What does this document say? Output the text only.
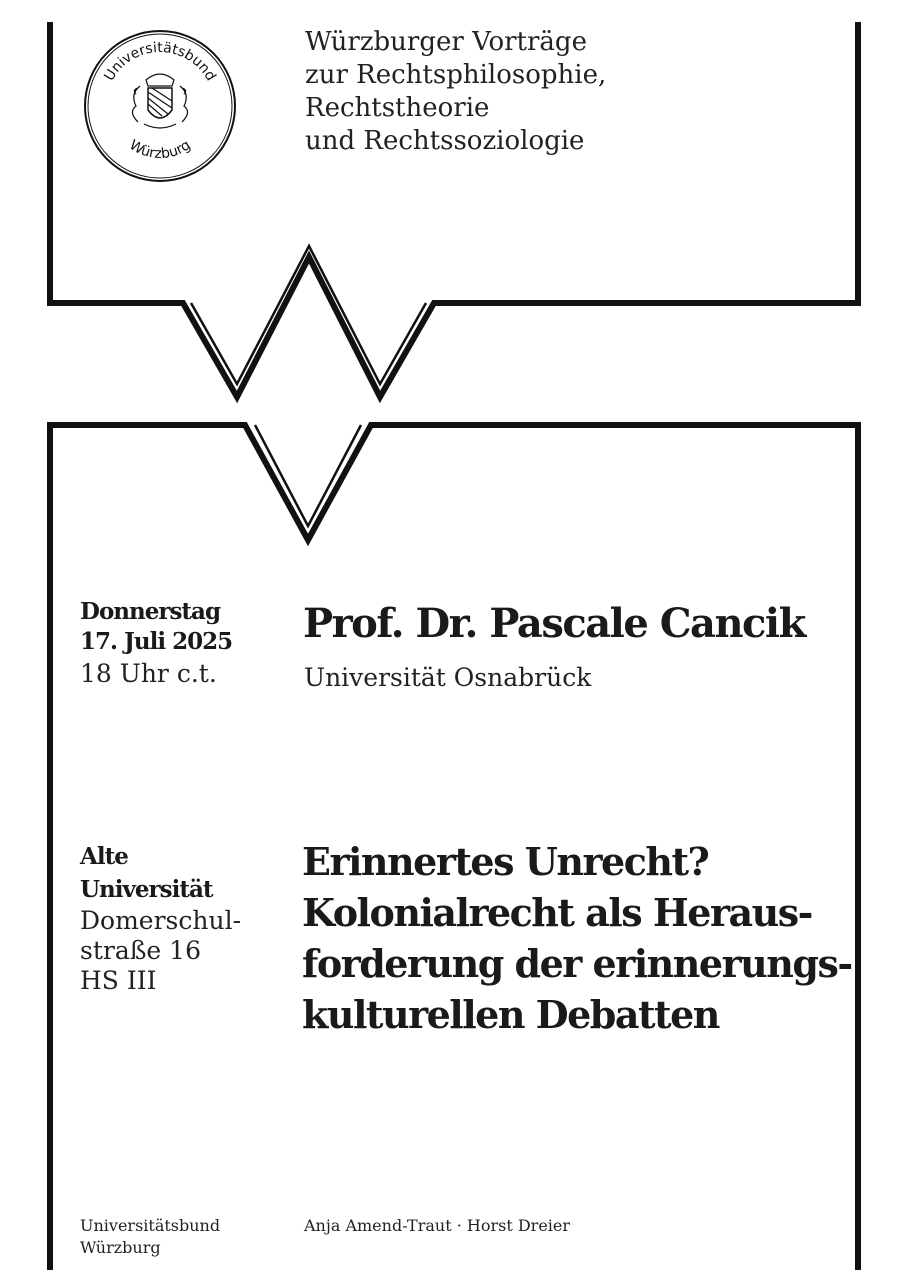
Universitätsbund
Würzburg
Würzburger Vorträge
zur Rechtsphilosophie,
Rechtstheorie
und Rechtssoziologie
Donnerstag
17. Juli 2025
18 Uhr c.t.
Prof. Dr. Pascale Cancik
Universität Osnabrück
Alte
Universität
Domerschul-
straße 16
HS III
Erinnertes Unrecht?
Kolonialrecht als Heraus-
forderung der erinnerungs-
kulturellen Debatten
Universitätsbund
Würzburg
Anja Amend-Traut · Horst Dreier
